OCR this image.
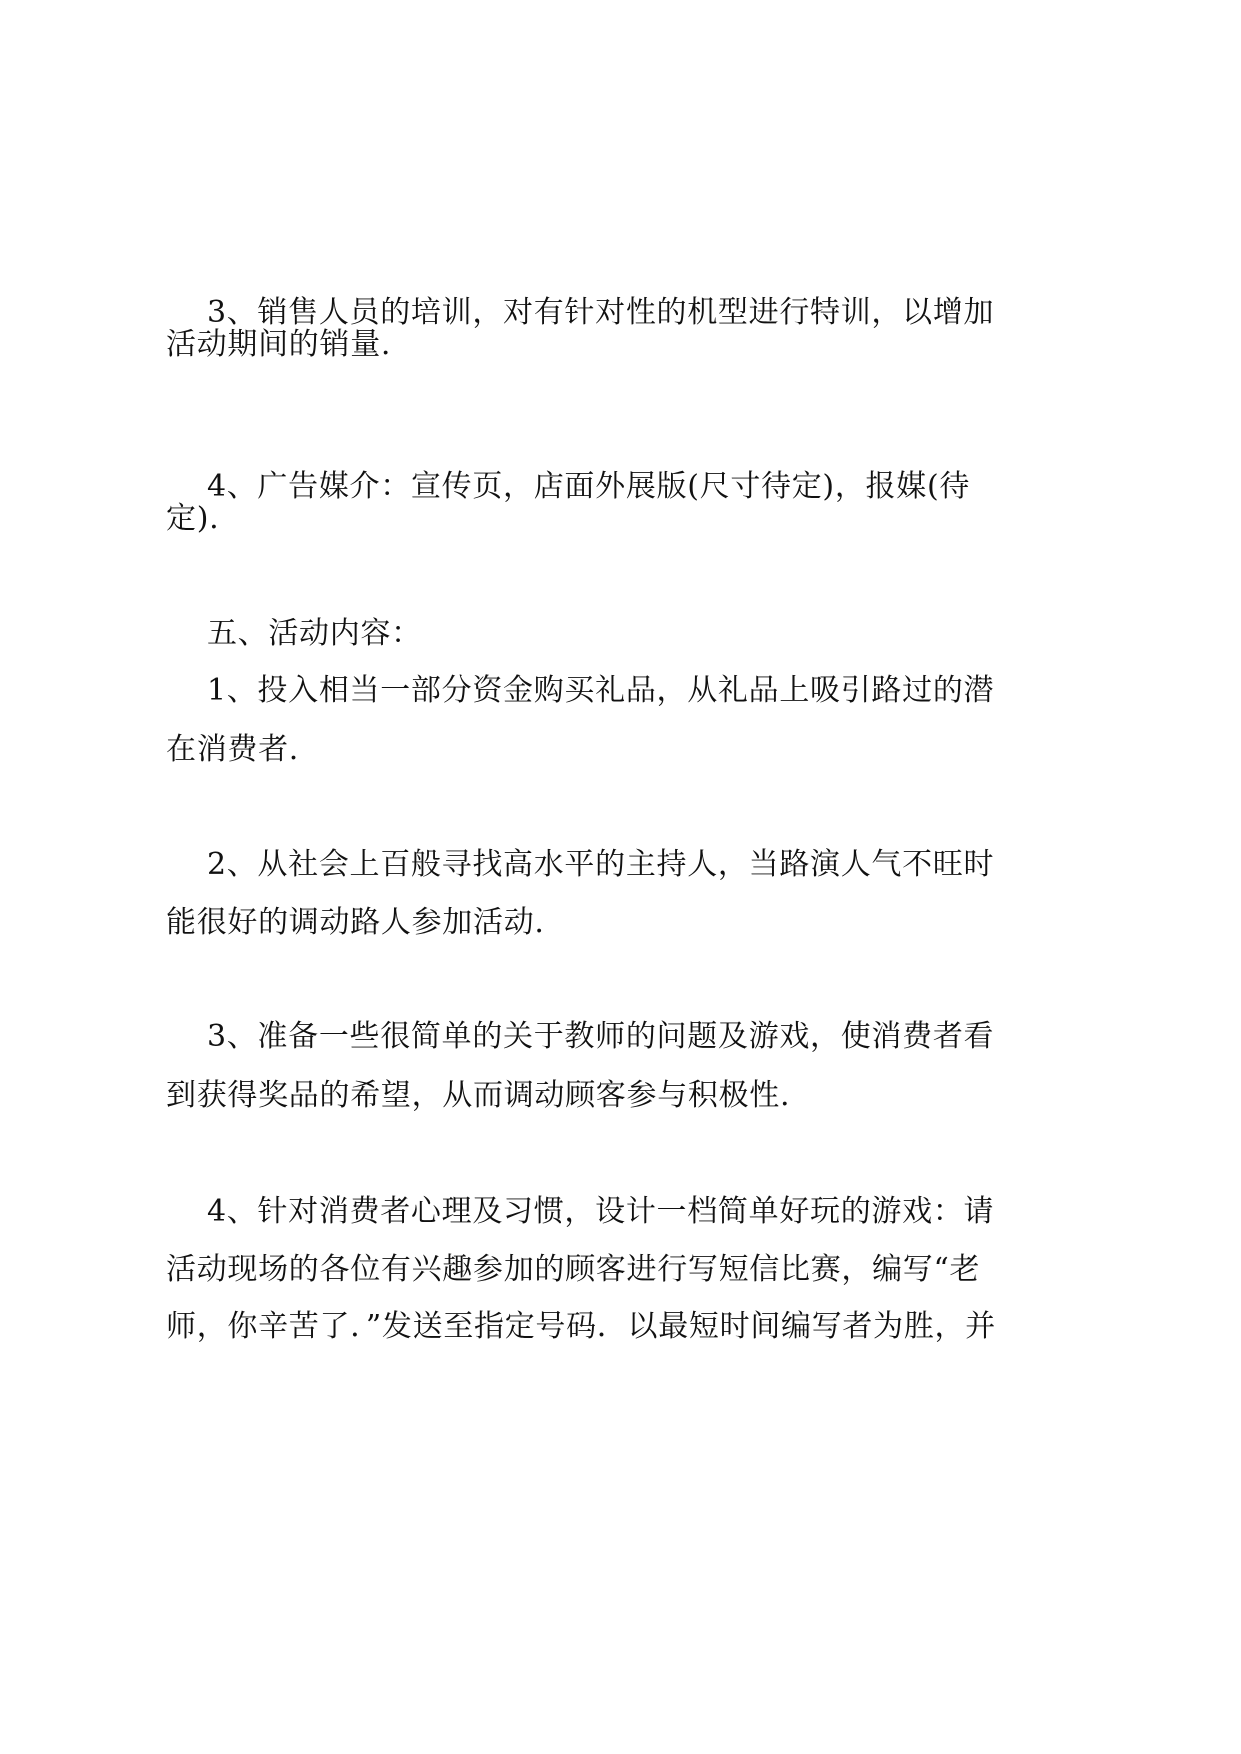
3、销售人员的培训，对有针对性的机型进行特训，以增加
活动期间的销量.
4、广告媒介：宣传页，店面外展版(尺寸待定)，报媒(待
定).
五、活动内容：
1、投入相当一部分资金购买礼品，从礼品上吸引路过的潜
在消费者.
2、从社会上百般寻找高水平的主持人，当路演人气不旺时
能很好的调动路人参加活动.
3、准备一些很简单的关于教师的问题及游戏，使消费者看
到获得奖品的希望，从而调动顾客参与积极性.
4、针对消费者心理及习惯，设计一档简单好玩的游戏：请
活动现场的各位有兴趣参加的顾客进行写短信比赛，编写“老
师，你辛苦了．”发送至指定号码．以最短时间编写者为胜，并
